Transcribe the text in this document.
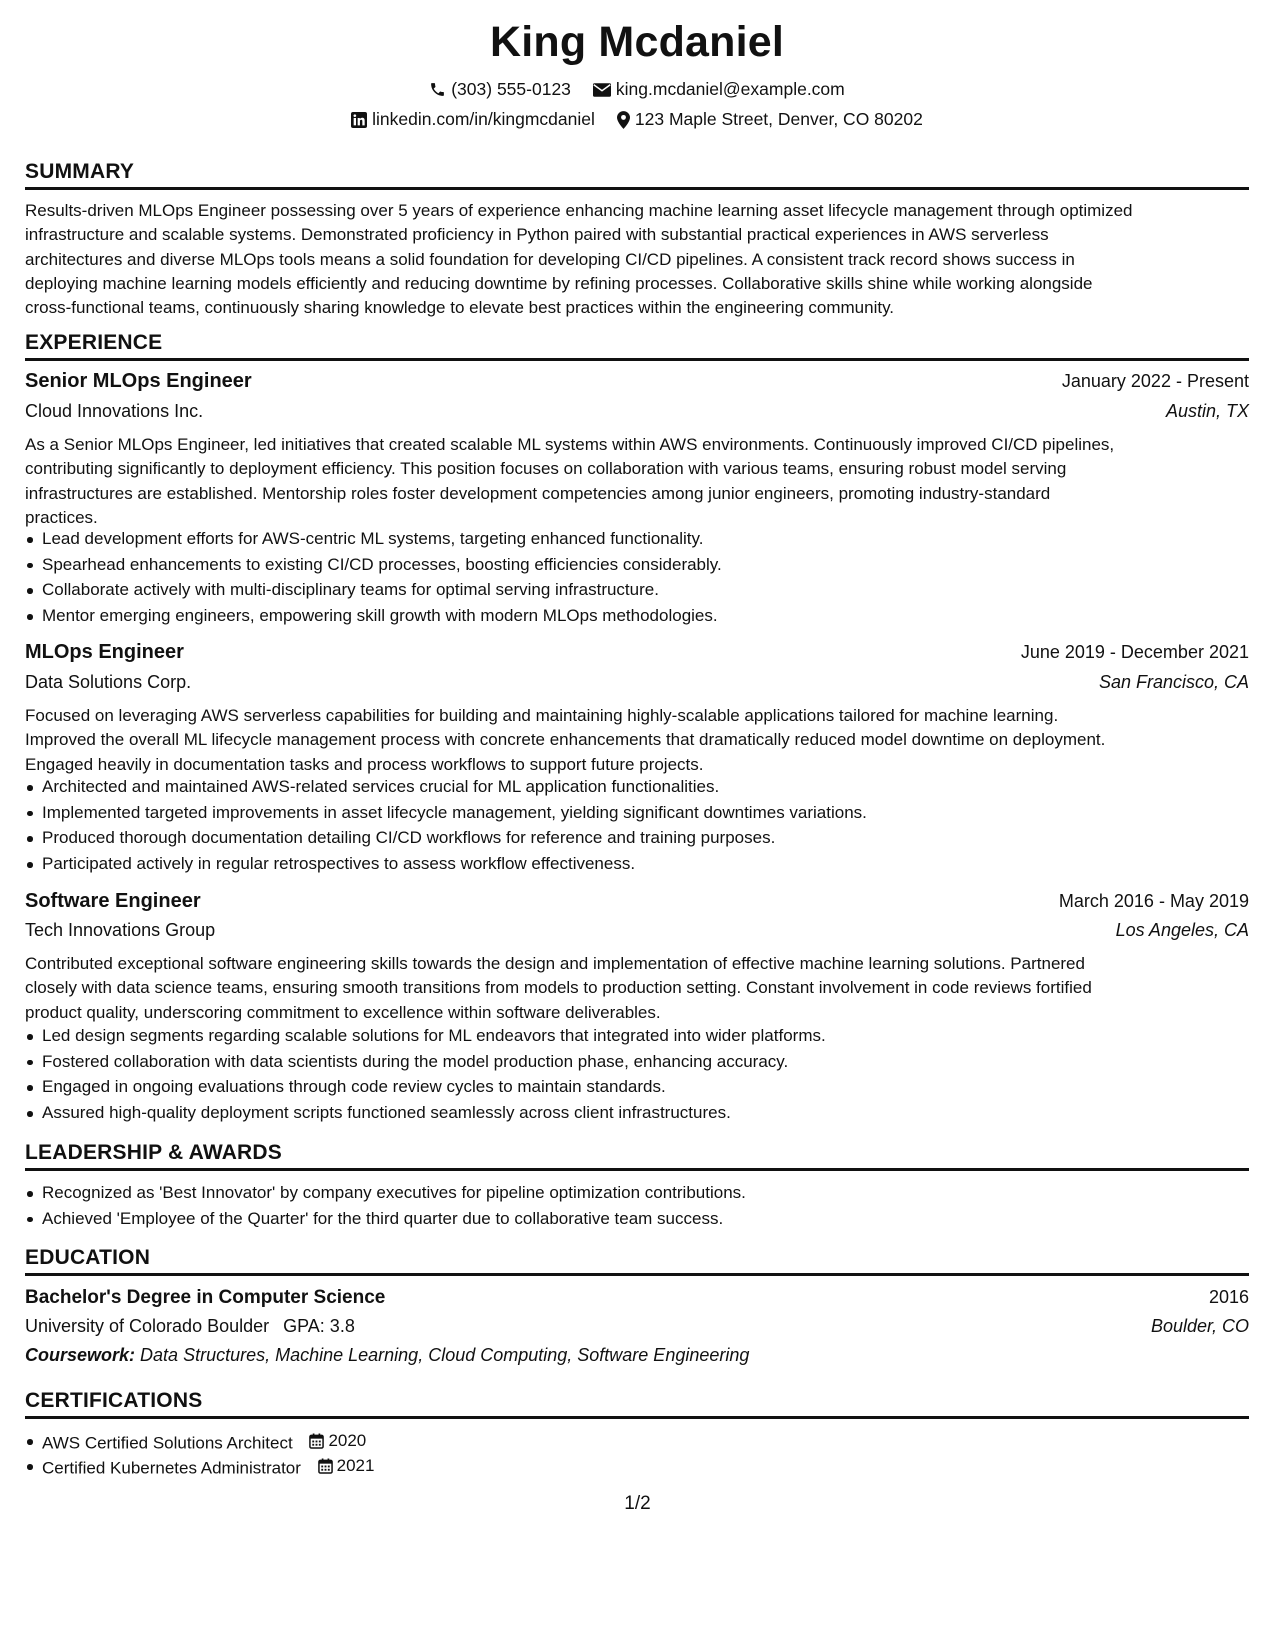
King Mcdaniel
(303) 555-0123	king.mcdaniel@example.com
linkedin.com/in/kingmcdaniel 123 Maple Street, Denver, CO 80202
SUMMARY
Results-driven MLOps Engineer possessing over 5 years of experience enhancing machine learning asset lifecycle management through optimized
infrastructure and scalable systems. Demonstrated proficiency in Python paired with substantial practical experiences in AWS serverless
architectures and diverse MLOps tools means a solid foundation for developing CI/CD pipelines. A consistent track record shows success in
deploying machine learning models efficiently and reducing downtime by refining processes. Collaborative skills shine while working alongside
cross-functional teams, continuously sharing knowledge to elevate best practices within the engineering community.
EXPERIENCE
Senior MLOps Engineer	January 2022 - Present
Cloud Innovations Inc.	Austin, TX
As a Senior MLOps Engineer, led initiatives that created scalable ML systems within AWS environments. Continuously improved CI/CD pipelines,
contributing significantly to deployment efficiency. This position focuses on collaboration with various teams, ensuring robust model serving
infrastructures are established. Mentorship roles foster development competencies among junior engineers, promoting industry-standard
practices.
Lead development efforts for AWS-centric ML systems, targeting enhanced functionality.
Spearhead enhancements to existing CI/CD processes, boosting efficiencies considerably.
Collaborate actively with multi-disciplinary teams for optimal serving infrastructure.
Mentor emerging engineers, empowering skill growth with modern MLOps methodologies.
MLOps Engineer	June 2019 - December 2021
Data Solutions Corp.	San Francisco, CA
Focused on leveraging AWS serverless capabilities for building and maintaining highly-scalable applications tailored for machine learning.
Improved the overall ML lifecycle management process with concrete enhancements that dramatically reduced model downtime on deployment.
Engaged heavily in documentation tasks and process workflows to support future projects.
Architected and maintained AWS-related services crucial for ML application functionalities.
Implemented targeted improvements in asset lifecycle management, yielding significant downtimes variations.
Produced thorough documentation detailing CI/CD workflows for reference and training purposes.
Participated actively in regular retrospectives to assess workflow effectiveness.
Software Engineer	March 2016 - May 2019
Tech Innovations Group	Los Angeles, CA
Contributed exceptional software engineering skills towards the design and implementation of effective machine learning solutions. Partnered
closely with data science teams, ensuring smooth transitions from models to production setting. Constant involvement in code reviews fortified
product quality, underscoring commitment to excellence within software deliverables.
Led design segments regarding scalable solutions for ML endeavors that integrated into wider platforms.
Fostered collaboration with data scientists during the model production phase, enhancing accuracy.
Engaged in ongoing evaluations through code review cycles to maintain standards.
Assured high-quality deployment scripts functioned seamlessly across client infrastructures.
LEADERSHIP & AWARDS
Recognized as 'Best Innovator' by company executives for pipeline optimization contributions.
Achieved 'Employee of the Quarter' for the third quarter due to collaborative team success.
EDUCATION
Bachelor's Degree in Computer Science	2016
University of Colorado Boulder GPA: 3.8	Boulder, CO
Coursework: Data Structures, Machine Learning, Cloud Computing, Software Engineering
CERTIFICATIONS
AWS Certified Solutions Architect 2020
Certified Kubernetes Administrator 2021
1/2
